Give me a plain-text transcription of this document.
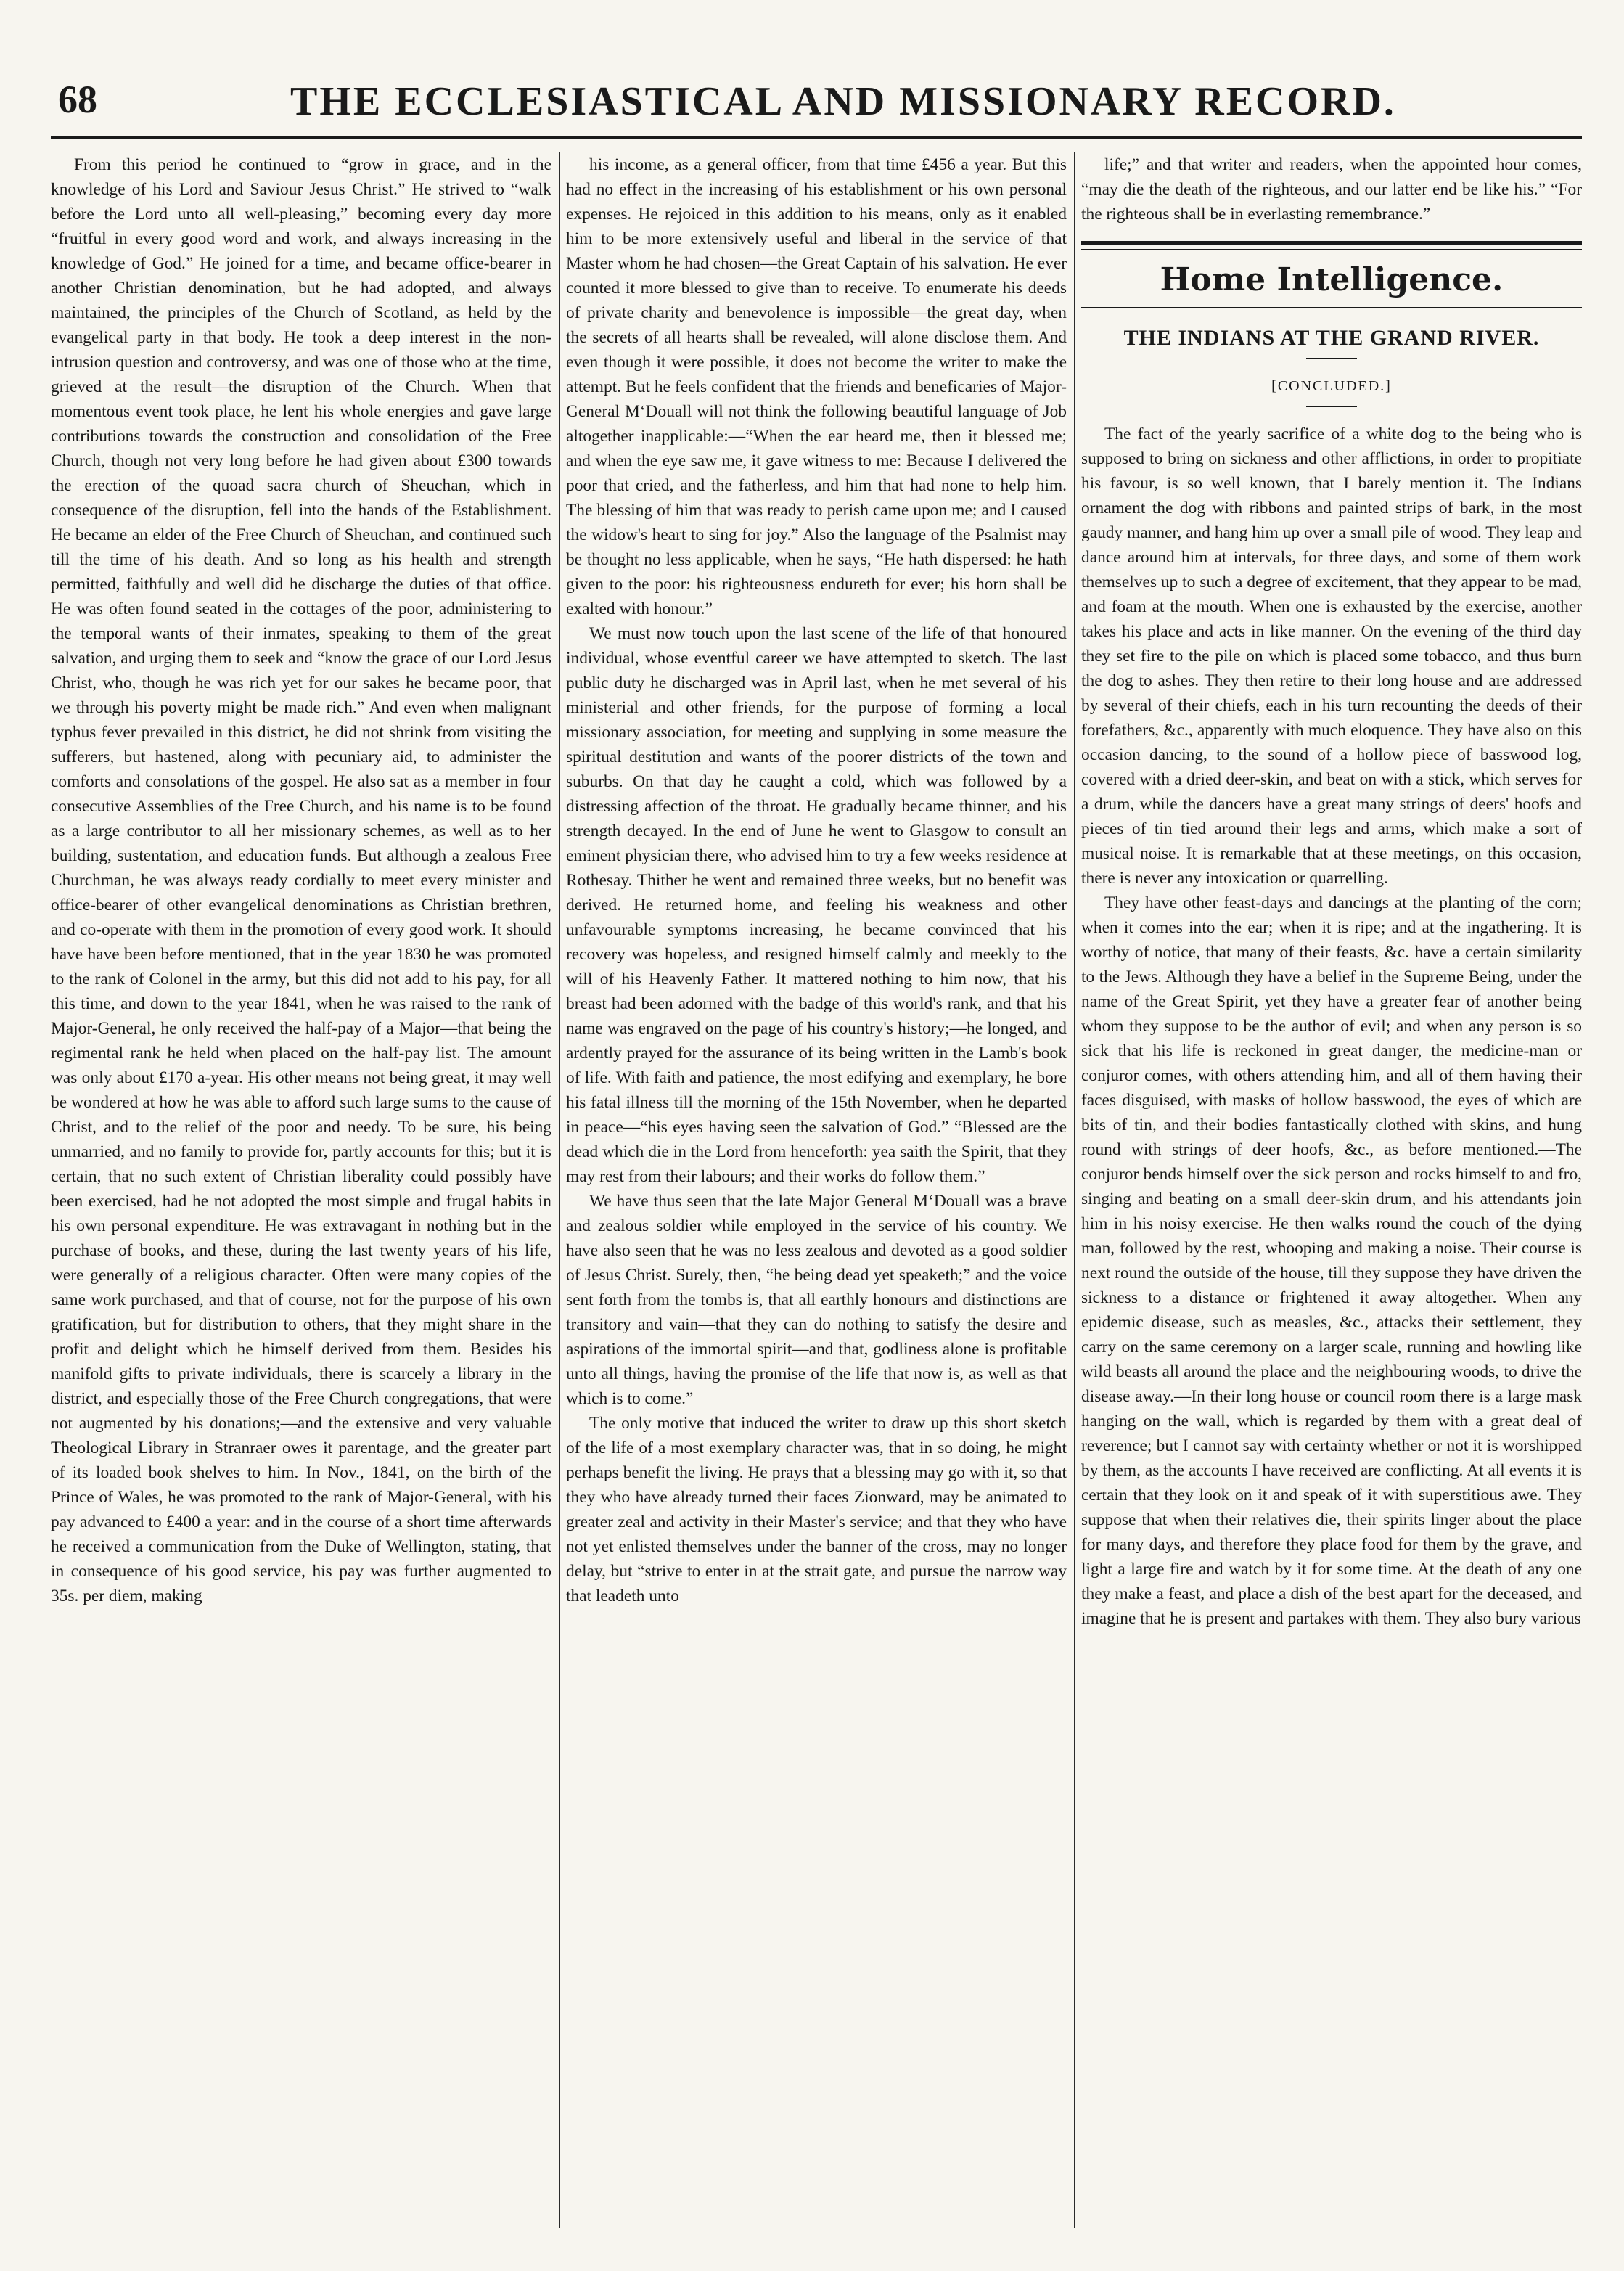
68	THE ECCLESIASTICAL AND MISSIONARY RECORD.

From this period he continued to “grow in grace, and in the knowledge of his Lord and Saviour Jesus Christ.” He strived to “walk before the Lord unto all well-pleasing,” becoming every day more “fruitful in every good word and work, and always increasing in the knowledge of God.” He joined for a time, and became office-bearer in another Christian denomination, but he had adopted, and always maintained, the principles of the Church of Scotland, as held by the evangelical party in that body. He took a deep interest in the non-intrusion question and controversy, and was one of those who at the time, grieved at the result—the disruption of the Church. When that momentous event took place, he lent his whole energies and gave large contributions towards the construction and consolidation of the Free Church, though not very long before he had given about £300 towards the erection of the quoad sacra church of Sheuchan, which in consequence of the disruption, fell into the hands of the Establishment. He became an elder of the Free Church of Sheuchan, and continued such till the time of his death. And so long as his health and strength permitted, faithfully and well did he discharge the duties of that office. He was often found seated in the cottages of the poor, administering to the temporal wants of their inmates, speaking to them of the great salvation, and urging them to seek and “know the grace of our Lord Jesus Christ, who, though he was rich yet for our sakes he became poor, that we through his poverty might be made rich.” And even when malignant typhus fever prevailed in this district, he did not shrink from visiting the sufferers, but hastened, along with pecuniary aid, to administer the comforts and consolations of the gospel. He also sat as a member in four consecutive Assemblies of the Free Church, and his name is to be found as a large contributor to all her missionary schemes, as well as to her building, sustentation, and education funds. But although a zealous Free Churchman, he was always ready cordially to meet every minister and office-bearer of other evangelical denominations as Christian brethren, and co-operate with them in the promotion of every good work. It should have have been before mentioned, that in the year 1830 he was promoted to the rank of Colonel in the army, but this did not add to his pay, for all this time, and down to the year 1841, when he was raised to the rank of Major-General, he only received the half-pay of a Major—that being the regimental rank he held when placed on the half-pay list. The amount was only about £170 a-year. His other means not being great, it may well be wondered at how he was able to afford such large sums to the cause of Christ, and to the relief of the poor and needy. To be sure, his being unmarried, and no family to provide for, partly accounts for this; but it is certain, that no such extent of Christian liberality could possibly have been exercised, had he not adopted the most simple and frugal habits in his own personal expenditure. He was extravagant in nothing but in the purchase of books, and these, during the last twenty years of his life, were generally of a religious character. Often were many copies of the same work purchased, and that of course, not for the purpose of his own gratification, but for distribution to others, that they might share in the profit and delight which he himself derived from them. Besides his manifold gifts to private individuals, there is scarcely a library in the district, and especially those of the Free Church congregations, that were not augmented by his donations;—and the extensive and very valuable Theological Library in Stranraer owes it parentage, and the greater part of its loaded book shelves to him. In Nov., 1841, on the birth of the Prince of Wales, he was promoted to the rank of Major-General, with his pay advanced to £400 a year: and in the course of a short time afterwards he received a communication from the Duke of Wellington, stating, that in consequence of his good service, his pay was further augmented to 35s. per diem, making

his income, as a general officer, from that time £456 a year. But this had no effect in the increasing of his establishment or his own personal expenses. He rejoiced in this addition to his means, only as it enabled him to be more extensively useful and liberal in the service of that Master whom he had chosen—the Great Captain of his salvation. He ever counted it more blessed to give than to receive. To enumerate his deeds of private charity and benevolence is impossible—the great day, when the secrets of all hearts shall be revealed, will alone disclose them. And even though it were possible, it does not become the writer to make the attempt. But he feels confident that the friends and beneficaries of Major-General M‘Douall will not think the following beautiful language of Job altogether inapplicable:—“When the ear heard me, then it blessed me; and when the eye saw me, it gave witness to me: Because I delivered the poor that cried, and the fatherless, and him that had none to help him. The blessing of him that was ready to perish came upon me; and I caused the widow's heart to sing for joy.” Also the language of the Psalmist may be thought no less applicable, when he says, “He hath dispersed: he hath given to the poor: his righteousness endureth for ever; his horn shall be exalted with honour.”

We must now touch upon the last scene of the life of that honoured individual, whose eventful career we have attempted to sketch. The last public duty he discharged was in April last, when he met several of his ministerial and other friends, for the purpose of forming a local missionary association, for meeting and supplying in some measure the spiritual destitution and wants of the poorer districts of the town and suburbs. On that day he caught a cold, which was followed by a distressing affection of the throat. He gradually became thinner, and his strength decayed. In the end of June he went to Glasgow to consult an eminent physician there, who advised him to try a few weeks residence at Rothesay. Thither he went and remained three weeks, but no benefit was derived. He returned home, and feeling his weakness and other unfavourable symptoms increasing, he became convinced that his recovery was hopeless, and resigned himself calmly and meekly to the will of his Heavenly Father. It mattered nothing to him now, that his breast had been adorned with the badge of this world's rank, and that his name was engraved on the page of his country's history;—he longed, and ardently prayed for the assurance of its being written in the Lamb's book of life. With faith and patience, the most edifying and exemplary, he bore his fatal illness till the morning of the 15th November, when he departed in peace—“his eyes having seen the salvation of God.” “Blessed are the dead which die in the Lord from henceforth: yea saith the Spirit, that they may rest from their labours; and their works do follow them.”

We have thus seen that the late Major General M‘Douall was a brave and zealous soldier while employed in the service of his country. We have also seen that he was no less zealous and devoted as a good soldier of Jesus Christ. Surely, then, “he being dead yet speaketh;” and the voice sent forth from the tombs is, that all earthly honours and distinctions are transitory and vain—that they can do nothing to satisfy the desire and aspirations of the immortal spirit—and that, godliness alone is profitable unto all things, having the promise of the life that now is, as well as that which is to come.”

The only motive that induced the writer to draw up this short sketch of the life of a most exemplary character was, that in so doing, he might perhaps benefit the living. He prays that a blessing may go with it, so that they who have already turned their faces Zionward, may be animated to greater zeal and activity in their Master's service; and that they who have not yet enlisted themselves under the banner of the cross, may no longer delay, but “strive to enter in at the strait gate, and pursue the narrow way that leadeth unto

life;” and that writer and readers, when the appointed hour comes, “may die the death of the righteous, and our latter end be like his.” “For the righteous shall be in everlasting remembrance.”

Home Intelligence.
THE INDIANS AT THE GRAND RIVER.
[CONCLUDED.]

The fact of the yearly sacrifice of a white dog to the being who is supposed to bring on sickness and other afflictions, in order to propitiate his favour, is so well known, that I barely mention it. The Indians ornament the dog with ribbons and painted strips of bark, in the most gaudy manner, and hang him up over a small pile of wood. They leap and dance around him at intervals, for three days, and some of them work themselves up to such a degree of excitement, that they appear to be mad, and foam at the mouth. When one is exhausted by the exercise, another takes his place and acts in like manner. On the evening of the third day they set fire to the pile on which is placed some tobacco, and thus burn the dog to ashes. They then retire to their long house and are addressed by several of their chiefs, each in his turn recounting the deeds of their forefathers, &c., apparently with much eloquence. They have also on this occasion dancing, to the sound of a hollow piece of basswood log, covered with a dried deer-skin, and beat on with a stick, which serves for a drum, while the dancers have a great many strings of deers' hoofs and pieces of tin tied around their legs and arms, which make a sort of musical noise. It is remarkable that at these meetings, on this occasion, there is never any intoxication or quarrelling.

They have other feast-days and dancings at the planting of the corn; when it comes into the ear; when it is ripe; and at the ingathering. It is worthy of notice, that many of their feasts, &c. have a certain similarity to the Jews. Although they have a belief in the Supreme Being, under the name of the Great Spirit, yet they have a greater fear of another being whom they suppose to be the author of evil; and when any person is so sick that his life is reckoned in great danger, the medicine-man or conjuror comes, with others attending him, and all of them having their faces disguised, with masks of hollow basswood, the eyes of which are bits of tin, and their bodies fantastically clothed with skins, and hung round with strings of deer hoofs, &c., as before mentioned.—The conjuror bends himself over the sick person and rocks himself to and fro, singing and beating on a small deer-skin drum, and his attendants join him in his noisy exercise. He then walks round the couch of the dying man, followed by the rest, whooping and making a noise. Their course is next round the outside of the house, till they suppose they have driven the sickness to a distance or frightened it away altogether. When any epidemic disease, such as measles, &c., attacks their settlement, they carry on the same ceremony on a larger scale, running and howling like wild beasts all around the place and the neighbouring woods, to drive the disease away.—In their long house or council room there is a large mask hanging on the wall, which is regarded by them with a great deal of reverence; but I cannot say with certainty whether or not it is worshipped by them, as the accounts I have received are conflicting. At all events it is certain that they look on it and speak of it with superstitious awe. They suppose that when their relatives die, their spirits linger about the place for many days, and therefore they place food for them by the grave, and light a large fire and watch by it for some time. At the death of any one they make a feast, and place a dish of the best apart for the deceased, and imagine that he is present and partakes with them. They also bury various
